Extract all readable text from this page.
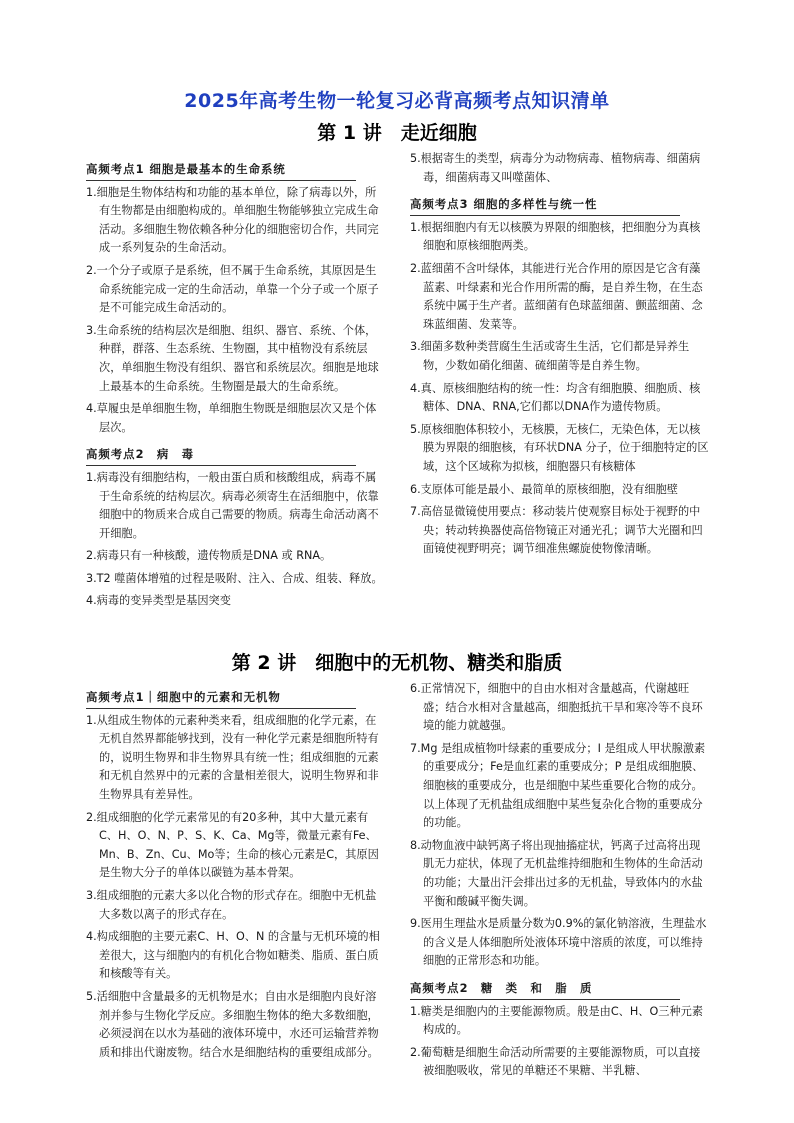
2025年高考生物一轮复习必背高频考点知识清单
第 1 讲　走近细胞
高频考点1 细胞是最基本的生命系统
1.细胞是生物体结构和功能的基本单位，除了病毒以外，所有生物都是由细胞构成的。单细胞生物能够独立完成生命活动。多细胞生物依赖各种分化的细胞密切合作，共同完成一系列复杂的生命活动。
2.一个分子或原子是系统，但不属于生命系统，其原因是生命系统能完成一定的生命活动，单靠一个分子或一个原子是不可能完成生命活动的。
3.生命系统的结构层次是细胞、组织、器官、系统、个体，种群，群落、生态系统、生物圈，其中植物没有系统层次，单细胞生物没有组织、器官和系统层次。细胞是地球上最基本的生命系统。生物圈是最大的生命系统。
4.草履虫是单细胞生物，单细胞生物既是细胞层次又是个体层次。
高频考点2　病　毒
1.病毒没有细胞结构，一般由蛋白质和核酸组成，病毒不属于生命系统的结构层次。病毒必须寄生在活细胞中，依靠细胞中的物质来合成自己需要的物质。病毒生命活动离不开细胞。
2.病毒只有一种核酸，遗传物质是DNA 或 RNA。
3.T2 噬菌体增殖的过程是吸附、注入、合成、组装、释放。
4.病毒的变异类型是基因突变
5.根据寄生的类型，病毒分为动物病毒、植物病毒、细菌病毒，细菌病毒又叫噬菌体、
高频考点3 细胞的多样性与统一性
1.根据细胞内有无以核膜为界限的细胞核，把细胞分为真核细胞和原核细胞两类。
2.蓝细菌不含叶绿体，其能进行光合作用的原因是它含有藻蓝素、叶绿素和光合作用所需的酶，是自养生物，在生态系统中属于生产者。蓝细菌有色球蓝细菌、颤蓝细菌、念珠蓝细菌、发菜等。
3.细菌多数种类营腐生生活或寄生生活，它们都是异养生物，少数如硝化细菌、硫细菌等是自养生物。
4.真、原核细胞结构的统一性：均含有细胞膜、细胞质、核糖体、DNA、RNA,它们都以DNA作为遗传物质。
5.原核细胞体积较小，无核膜，无核仁，无染色体，无以核膜为界限的细胞核，有环状DNA 分子，位于细胞特定的区域，这个区域称为拟核，细胞器只有核糖体
6.支原体可能是最小、最简单的原核细胞，没有细胞壁
7.高倍显微镜使用要点：移动装片使观察目标处于视野的中央；转动转换器使高倍物镜正对通光孔；调节大光圈和凹面镜使视野明亮；调节细准焦螺旋使物像清晰。
第 2 讲　细胞中的无机物、糖类和脂质
高频考点1｜细胞中的元素和无机物
1.从组成生物体的元素种类来看，组成细胞的化学元素，在无机自然界都能够找到，没有一种化学元素是细胞所特有的，说明生物界和非生物界具有统一性；组成细胞的元素和无机自然界中的元素的含量相差很大，说明生物界和非生物界具有差异性。
2.组成细胞的化学元素常见的有20多种，其中大量元素有C、H、O、N、P、S、K、Ca、Mg等，微量元素有Fe、Mn、B、Zn、Cu、Mo等；生命的核心元素是C，其原因是生物大分子的单体以碳链为基本骨架。
3.组成细胞的元素大多以化合物的形式存在。细胞中无机盐大多数以离子的形式存在。
4.构成细胞的主要元素C、H、O、N 的含量与无机环境的相差很大，这与细胞内的有机化合物如糖类、脂质、蛋白质和核酸等有关。
5.活细胞中含量最多的无机物是水；自由水是细胞内良好溶剂并参与生物化学反应。多细胞生物体的绝大多数细胞，必须浸润在以水为基础的液体环境中，水还可运输营养物质和排出代谢废物。结合水是细胞结构的重要组成部分。
6.正常情况下，细胞中的自由水相对含量越高，代谢越旺盛；结合水相对含量越高，细胞抵抗干旱和寒冷等不良环境的能力就越强。
7.Mg 是组成植物叶绿素的重要成分；I 是组成人甲状腺激素的重要成分；Fe是血红素的重要成分；P 是组成细胞膜、细胞核的重要成分，也是细胞中某些重要化合物的成分。以上体现了无机盐组成细胞中某些复杂化合物的重要成分的功能。
8.动物血液中缺钙离子将出现抽搐症状，钙离子过高将出现肌无力症状，体现了无机盐维持细胞和生物体的生命活动的功能；大量出汗会排出过多的无机盐，导致体内的水盐平衡和酸碱平衡失调。
9.医用生理盐水是质量分数为0.9%的氯化钠溶液，生理盐水的含义是人体细胞所处液体环境中溶质的浓度，可以维持细胞的正常形态和功能。
高频考点2　糖　类　和　脂　质
1.糖类是细胞内的主要能源物质。般是由C、H、O三种元素构成的。
2.葡萄糖是细胞生命活动所需要的主要能源物质，可以直接被细胞吸收，常见的单糖还不果糖、半乳糖、
